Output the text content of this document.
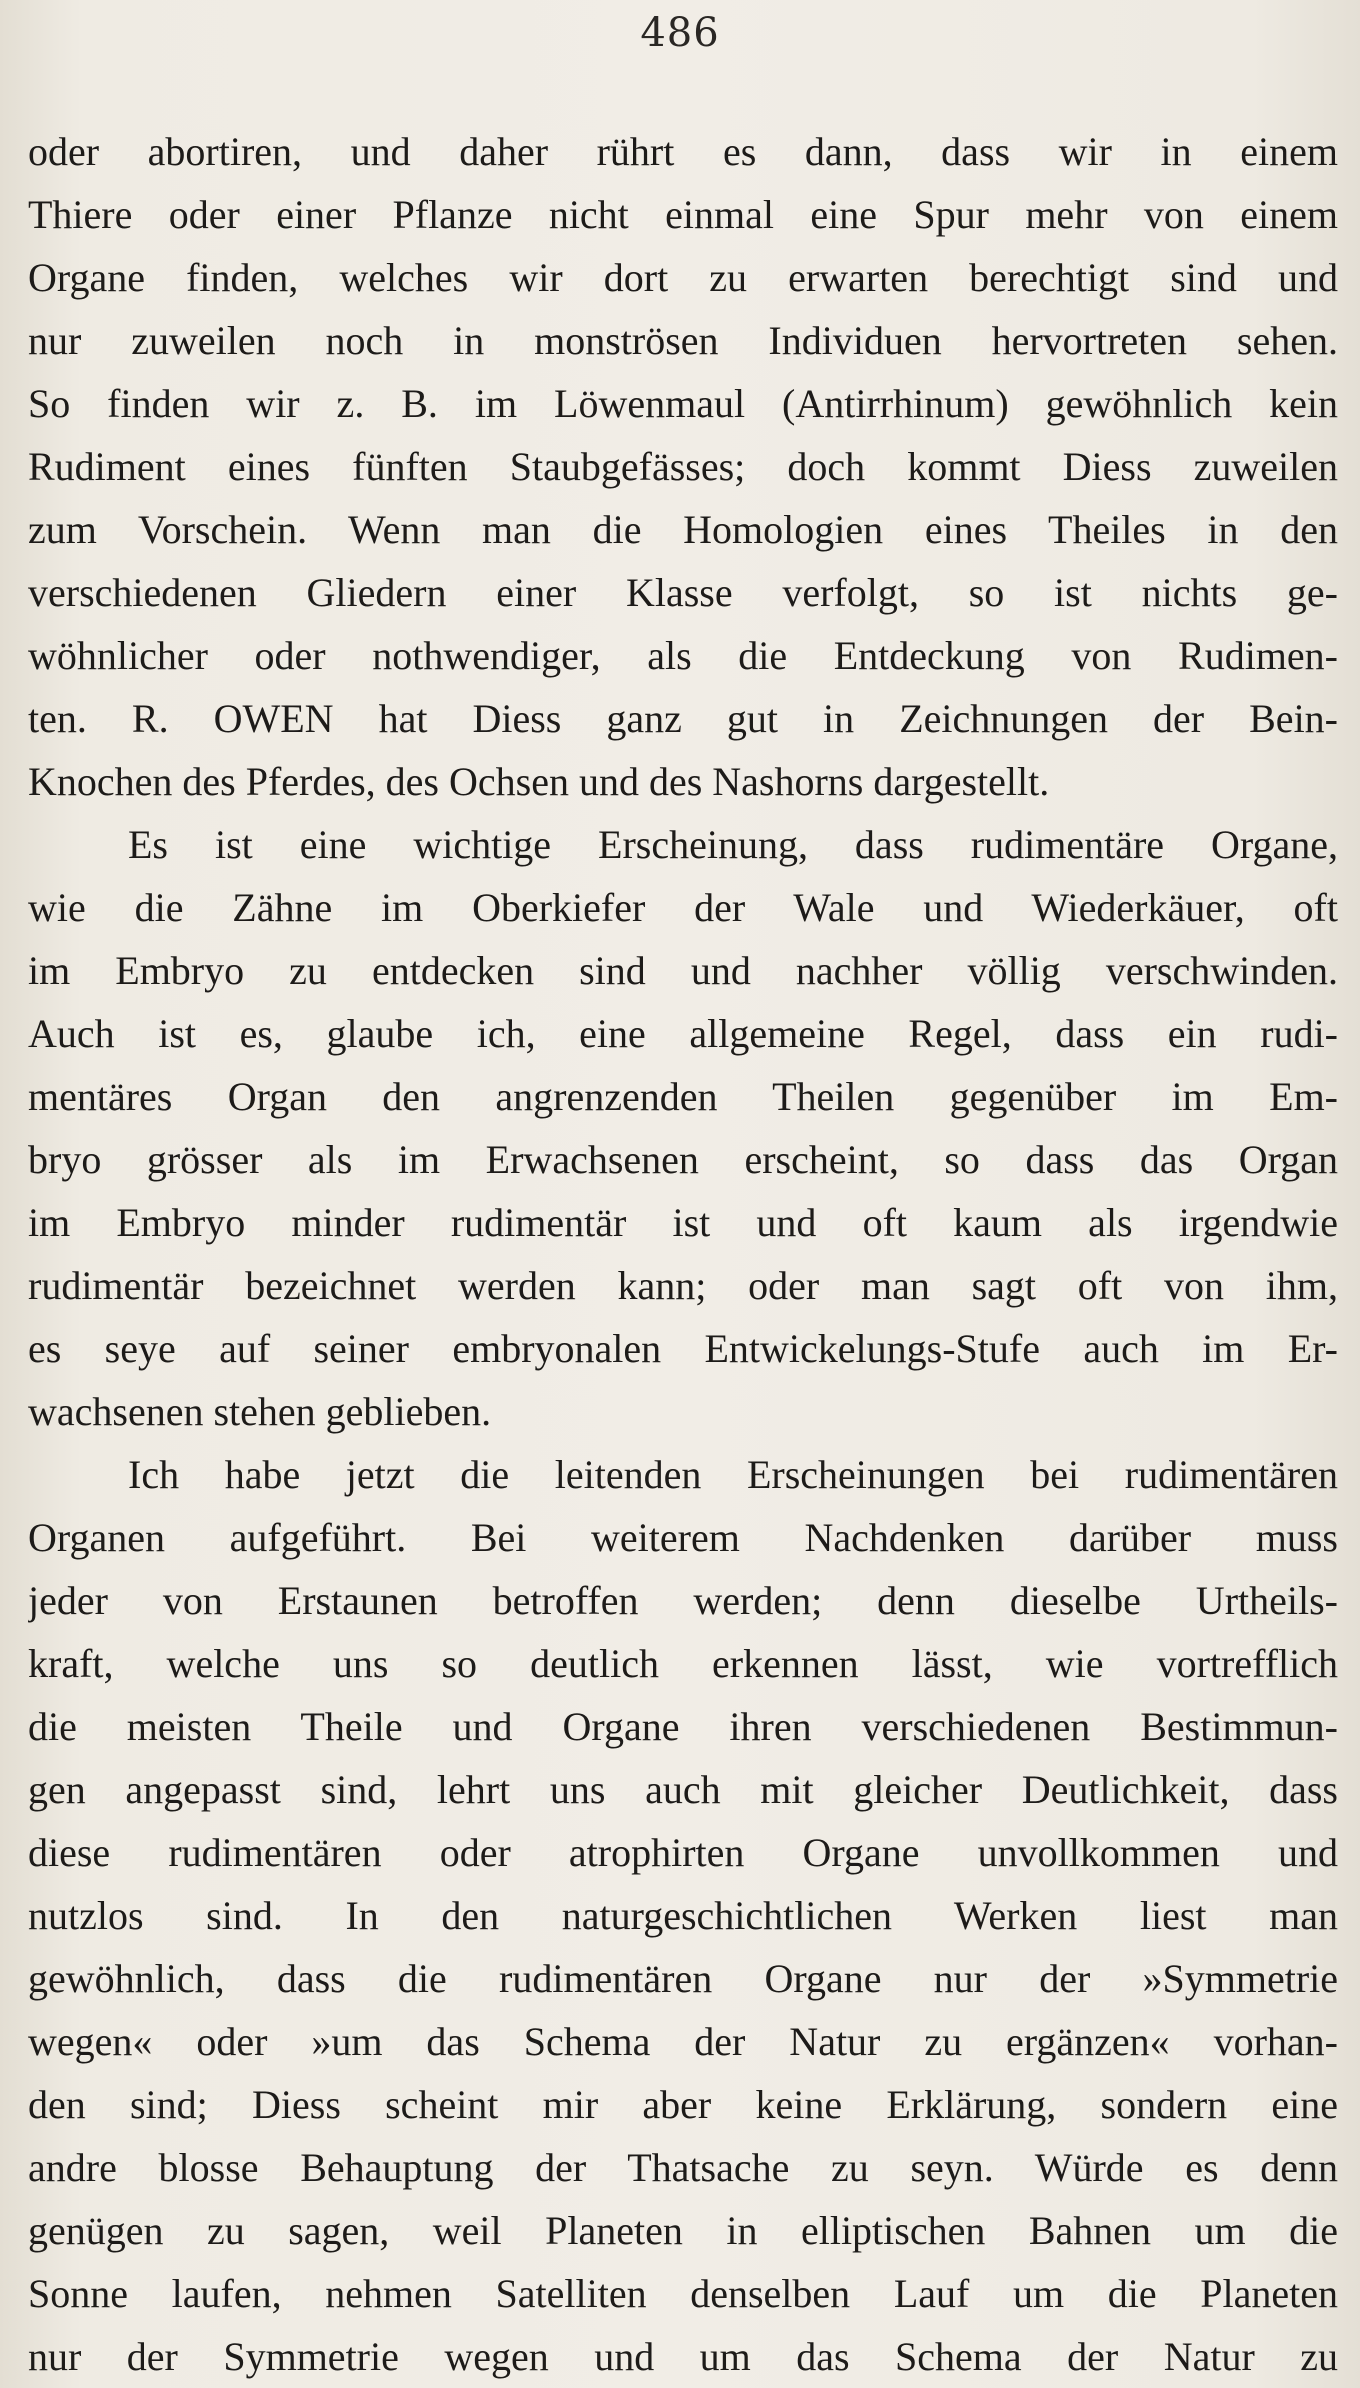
486
oder abortiren, und daher rührt es dann, dass wir in einem
Thiere oder einer Pflanze nicht einmal eine Spur mehr von einem
Organe finden, welches wir dort zu erwarten berechtigt sind und
nur zuweilen noch in monströsen Individuen hervortreten sehen.
So finden wir z. B. im Löwenmaul (Antirrhinum) gewöhnlich kein
Rudiment eines fünften Staubgefässes; doch kommt Diess zuweilen
zum Vorschein. Wenn man die Homologien eines Theiles in den
verschiedenen Gliedern einer Klasse verfolgt, so ist nichts ge-
wöhnlicher oder nothwendiger, als die Entdeckung von Rudimen-
ten. R. OWEN hat Diess ganz gut in Zeichnungen der Bein-
Knochen des Pferdes, des Ochsen und des Nashorns dargestellt.
Es ist eine wichtige Erscheinung, dass rudimentäre Organe,
wie die Zähne im Oberkiefer der Wale und Wiederkäuer, oft
im Embryo zu entdecken sind und nachher völlig verschwinden.
Auch ist es, glaube ich, eine allgemeine Regel, dass ein rudi-
mentäres Organ den angrenzenden Theilen gegenüber im Em-
bryo grösser als im Erwachsenen erscheint, so dass das Organ
im Embryo minder rudimentär ist und oft kaum als irgendwie
rudimentär bezeichnet werden kann; oder man sagt oft von ihm,
es seye auf seiner embryonalen Entwickelungs-Stufe auch im Er-
wachsenen stehen geblieben.
Ich habe jetzt die leitenden Erscheinungen bei rudimentären
Organen aufgeführt. Bei weiterem Nachdenken darüber muss
jeder von Erstaunen betroffen werden; denn dieselbe Urtheils-
kraft, welche uns so deutlich erkennen lässt, wie vortrefflich
die meisten Theile und Organe ihren verschiedenen Bestimmun-
gen angepasst sind, lehrt uns auch mit gleicher Deutlichkeit, dass
diese rudimentären oder atrophirten Organe unvollkommen und
nutzlos sind. In den naturgeschichtlichen Werken liest man
gewöhnlich, dass die rudimentären Organe nur der »Symmetrie
wegen« oder »um das Schema der Natur zu ergänzen« vorhan-
den sind; Diess scheint mir aber keine Erklärung, sondern eine
andre blosse Behauptung der Thatsache zu seyn. Würde es denn
genügen zu sagen, weil Planeten in elliptischen Bahnen um die
Sonne laufen, nehmen Satelliten denselben Lauf um die Planeten
nur der Symmetrie wegen und um das Schema der Natur zu
